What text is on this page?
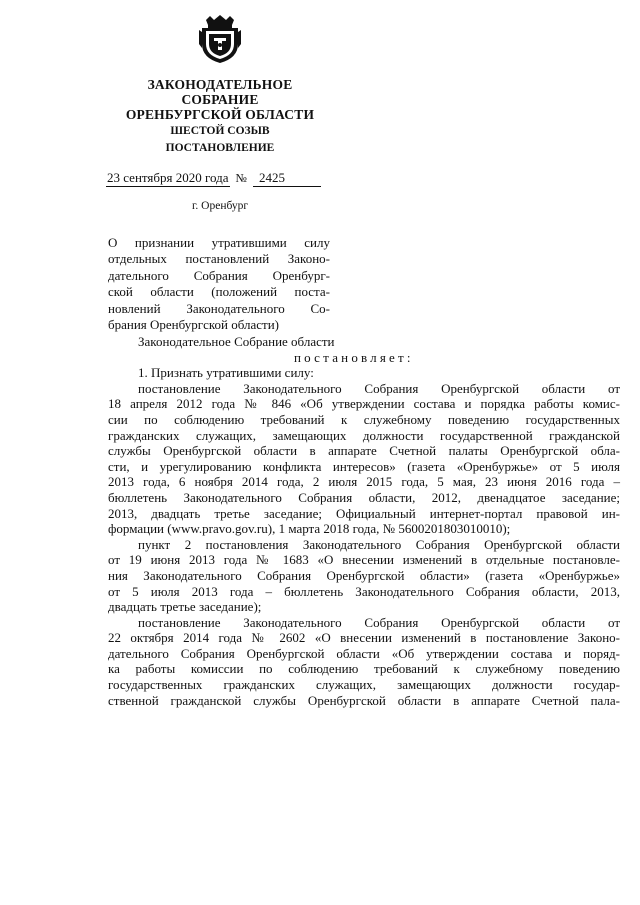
ЗАКОНОДАТЕЛЬНОЕ
СОБРАНИЕ
ОРЕНБУРГСКОЙ ОБЛАСТИ
ШЕСТОЙ СОЗЫВ
ПОСТАНОВЛЕНИЕ
23 сентября 2020 года № 2425
г. Оренбург
О признании утратившими силу
отдельных постановлений Законо-
дательного Собрания Оренбург-
ской области (положений поста-
новлений Законодательного Со-
брания Оренбургской области)

Законодательное Собрание области

постановляет:

1. Признать утратившими силу:

постановление Законодательного Собрания Оренбургской области от
18 апреля 2012 года № 846 «Об утверждении состава и порядка работы комис-
сии по соблюдению требований к служебному поведению государственных
гражданских служащих, замещающих должности государственной гражданской
службы Оренбургской области в аппарате Счетной палаты Оренбургской обла-
сти, и урегулированию конфликта интересов» (газета «Оренбуржье» от 5 июля
2013 года, 6 ноября 2014 года, 2 июля 2015 года, 5 мая, 23 июня 2016 года –
бюллетень Законодательного Собрания области, 2012, двенадцатое заседание;
2013, двадцать третье заседание; Официальный интернет-портал правовой ин-
формации (www.pravo.gov.ru), 1 марта 2018 года, № 5600201803010010);

пункт 2 постановления Законодательного Собрания Оренбургской области
от 19 июня 2013 года № 1683 «О внесении изменений в отдельные постановле-
ния Законодательного Собрания Оренбургской области» (газета «Оренбуржье»
от 5 июля 2013 года – бюллетень Законодательного Собрания области, 2013,
двадцать третье заседание);

постановление Законодательного Собрания Оренбургской области от
22 октября 2014 года № 2602 «О внесении изменений в постановление Законо-
дательного Собрания Оренбургской области «Об утверждении состава и поряд-
ка работы комиссии по соблюдению требований к служебному поведению
государственных гражданских служащих, замещающих должности государ-
ственной гражданской службы Оренбургской области в аппарате Счетной пала-
